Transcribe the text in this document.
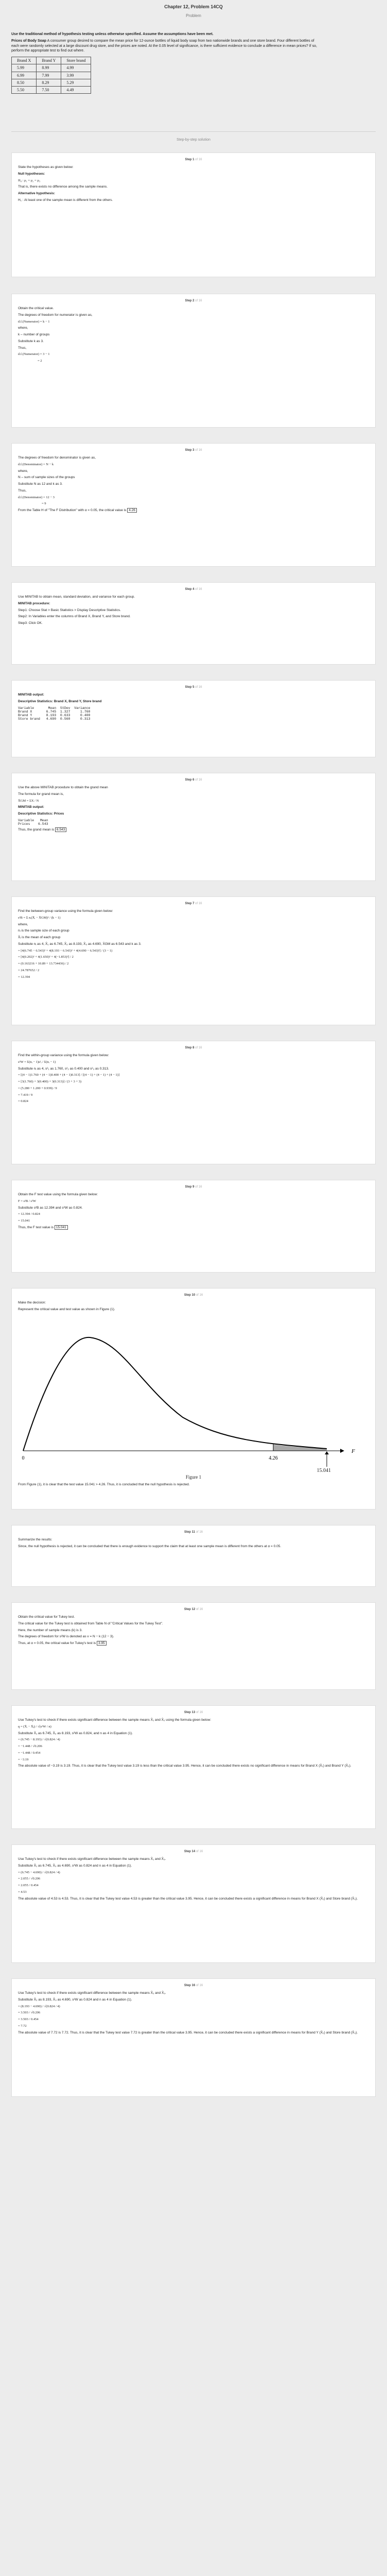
Chapter 12, Problem 14CQ
Problem

Use the traditional method of hypothesis testing unless otherwise specified. Assume the assumptions have been met.

Prices of Body Soap A consumer group desired to compare the mean price for 12-ounce bottles of liquid body soap from two nationwide brands and one store brand. Four different bottles of each were randomly selected at a large discount drug store, and the prices are noted. At the 0.05 level of significance, is there sufficient evidence to conclude a difference in mean prices? If so, perform the appropriate test to find out where.

Brand X	Brand Y	Store brand
5.99	8.99	4.99
6.99	7.99	3.99
8.50	8.29	5.29
5.50	7.50	4.49
Step-by-step solution
Step 1 of 16

State the hypotheses as given below:

Null hypotheses:

H₀ : μ₁ = μ₂ = μ₃

That is, there exists no difference among the sample means.

Alternative hypothesis:

H₁ : At least one of the sample mean is different from the others.

Step 2 of 16

Obtain the critical value.

The degrees of freedom for numerator is given as,

d.f.(Numerator) = k − 1

where,

k – number of groups

Substitute k as 3.

Thus,

d.f.(Numerator) = 3 − 1

= 2

Step 3 of 16

The degrees of freedom for denominator is given as,

d.f.(Denominator) = N − k

where,

N – sum of sample sizes of the groups

Substitute N as 12 and k as 3.

Thus,

d.f.(Denominator) = 12 − 3

= 9

From the Table H of "The F Distribution" with α = 0.05, the critical value is 4.26

Step 4 of 16

Use MINITAB to obtain mean, standard deviation, and variance for each group.

MINITAB procedure:

Step1: Choose Stat > Basic Statistics > Display Descriptive Statistics.

Step2: In Variables enter the columns of Brand X, Brand Y, and Store brand.

Step3: Click OK.

Step 5 of 16

MINITAB output:

Descriptive Statistics: Brand X, Brand Y, Store brand

Variable       Mean  StDev  Variance
Brand X       6.745  1.327     1.760
Brand Y       8.193  0.633     0.400
Store brand   4.690  0.560     0.313
Step 6 of 16

Use the above MINITAB procedure to obtain the grand mean

The formula for grand mean is,

X̄GM = ΣX / N

MINITAB output:

Descriptive Statistics: Prices

Variable   Mean
Prices    6.543

Thus, the grand mean is 6.543

Step 7 of 16

Find the between-group variance using the formula given below:

s²B = Σ nᵢ(X̄ᵢ − X̄GM)² / (k − 1)

where,

nᵢ is the sample size of each group

X̄ᵢ is the mean of each group

Substitute nᵢ as 4, X̄₁ as 6.745, X̄₂ as 8.193, X̄₃ as 4.690, X̄GM as 6.543 and k as 3.

= [4(6.745 − 6.543)² + 4(8.193 − 6.543)² + 4(4.690 − 6.543)²] / (3 − 1)

= [4(0.202)² + 4(1.650)² + 4(−1.853)²] / 2

= (0.163216 + 10.89 + 13.734436) / 2

= 24.787652 / 2

= 12.394

Step 8 of 16

Find the within-group variance using the formula given below:

s²W = Σ(nᵢ − 1)s²ᵢ / Σ(nᵢ − 1)

Substitute nᵢ as 4, s²₁ as 1.760, s²₂ as 0.400 and s²₃ as 0.313.

= [(4 − 1)1.760 + (4 − 1)0.400 + (4 − 1)0.313] / [(4 − 1) + (4 − 1) + (4 − 1)]

= [3(1.760) + 3(0.400) + 3(0.313)] / (3 + 3 + 3)

= (5.280 + 1.200 + 0.939) / 9

= 7.419 / 9

= 0.824

Step 9 of 16

Obtain the F test value using the formula given below:

F = s²B / s²W

Substitute s²B as 12.394 and s²W as 0.824.

= 12.394 / 0.824

= 15.041

Thus, the F test value is 15.041

Step 10 of 16

Make the decision:

Represent the critical value and test value as shown in Figure (1).

0	4.26
F
15.041
Figure 1

From Figure (1), it is clear that the test value 15.041 > 4.26. Thus, it is concluded that the null hypothesis is rejected.

Step 11 of 16

Summarize the results:

Since, the null hypothesis is rejected, it can be concluded that there is enough evidence to support the claim that at least one sample mean is different from the others at α = 0.05.

Step 12 of 16

Obtain the critical value for Tukey test.

The critical value for the Tukey test is obtained from Table N of "Critical Values for the Tukey Test".

Here, the number of sample means (k) is 3.

The degrees of freedom for s²W is denoted as v = N − k (12 − 3).

Thus, at α = 0.05, the critical value for Tukey's test is 3.95

Step 13 of 16

Use Tukey's test to check if there exists significant difference between the sample means X̄₁ and X̄₂ using the formula given below:

q = (X̄ᵢ − X̄ⱼ) / √(s²W / n)

Substitute X̄₁ as 6.745, X̄₂ as 8.193, s²W as 0.824, and n as 4 in Equation (1).

= (6.745 − 8.193) / √(0.824 / 4)

= −1.448 / √0.206

= −1.448 / 0.454

= −3.19

The absolute value of −3.19 is 3.19. Thus, it is clear that the Tukey test value 3.19 is less than the critical value 3.95. Hence, it can be concluded there exists no significant difference in means for Brand X (X̄₁) and Brand Y (X̄₂).

Step 14 of 16

Use Tukey's test to check if there exists significant difference between the sample means X̄₁ and X̄₃.

Substitute X̄₁ as 6.745, X̄₃ as 4.690, s²W as 0.824 and n as 4 in Equation (1).

= (6.745 − 4.690) / √(0.824 / 4)

= 2.055 / √0.206

= 2.055 / 0.454

= 4.53

The absolute value of 4.53 is 4.53. Thus, it is clear that the Tukey test value 4.53 is greater than the critical value 3.95. Hence, it can be concluded there exists a significant difference in means for Brand X (X̄₁) and Store brand (X̄₃).

Step 16 of 16

Use Tukey's test to check if there exists significant difference between the sample means X̄₂ and X̄₃.

Substitute X̄₂ as 8.193, X̄₃ as 4.690, s²W as 0.824 and n as 4 in Equation (1).

= (8.193 − 4.690) / √(0.824 / 4)

= 3.503 / √0.206

= 3.503 / 0.454

= 7.72

The absolute value of 7.72 is 7.72. Thus, it is clear that the Tukey test value 7.72 is greater than the critical value 3.95. Hence, it can be concluded there exists a significant difference in means for Brand Y (X̄₂) and Store brand (X̄₃).
